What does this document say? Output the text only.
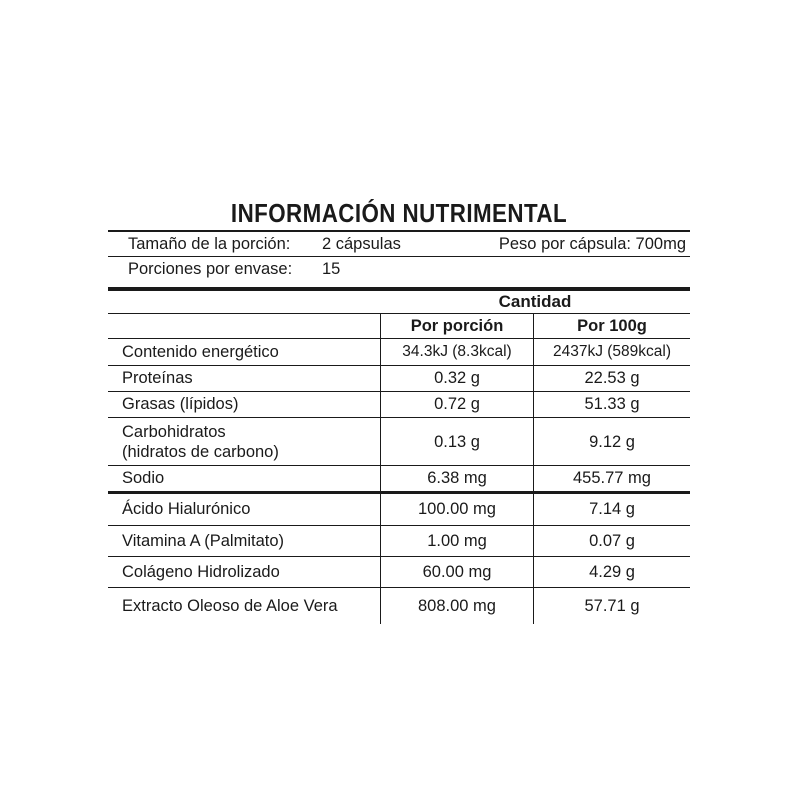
INFORMACIÓN NUTRIMENTAL
Tamaño de la porción: 2 cápsulas	Peso por cápsula: 700mg
Porciones por envase: 15
Cantidad
Por porción	Por 100g
Contenido energético	34.3kJ (8.3kcal)	2437kJ (589kcal)
Proteínas	0.32 g	22.53 g
Grasas (lípidos)	0.72 g	51.33 g
Carbohidratos
(hidratos de carbono)
0.13 g	9.12 g
Sodio	6.38 mg	455.77 mg
Ácido Hialurónico	100.00 mg	7.14 g
Vitamina A (Palmitato)	1.00 mg	0.07 g
Colágeno Hidrolizado	60.00 mg	4.29 g
Extracto Oleoso de Aloe Vera	808.00 mg	57.71 g
